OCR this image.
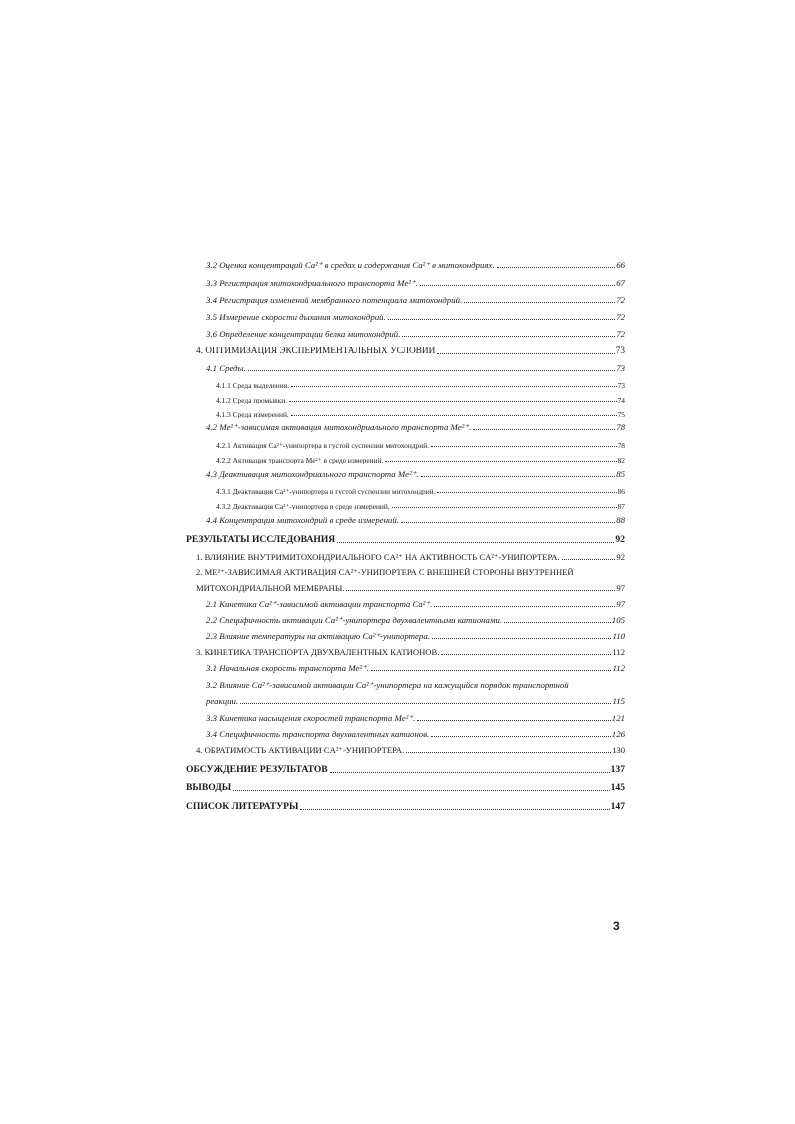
3.2 Оценка концентраций Ca²⁺ в средах и содержания Ca²⁺ в митохондриях.	66
3.3 Регистрация митохондриального транспорта Me²⁺.	67
3.4 Регистрация изменений мембранного потенциала митохондрий.	72
3.5 Измерение скорости дыхания митохондрий.	72
3.6 Определение концентрации белка митохондрий.	72
4. ОПТИМИЗАЦИЯ ЭКСПЕРИМЕНТАЛЬНЫХ УСЛОВИЙ	73
4.1 Среды.	73
4.1.1 Среда выделения.	73
4.1.2 Среда промывки.	74
4.1.3 Среда измерений.	75
4.2 Me²⁺-зависимая активация митохондриального транспорта Me²⁺.	78
4.2.1 Активация Ca²⁺-унипортера в густой суспензии митохондрий.	78
4.2.2 Активация транспорта Me²⁺ в среде измерений.	82
4.3 Деактивация митохондриального транспорта Me²⁺.	85
4.3.1 Деактивация Ca²⁺-унипортера в густой суспензии митохондрий.	86
4.3.2 Деактивация Ca²⁺-унипортера в среде измерений.	87
4.4 Концентрация митохондрий в среде измерений.	88
РЕЗУЛЬТАТЫ ИССЛЕДОВАНИЯ	92
1. ВЛИЯНИЕ ВНУТРИМИТОХОНДРИАЛЬНОГО CA²⁺ НА АКТИВНОСТЬ CA²⁺-УНИПОРТЕРА.	92
2. ME²⁺-ЗАВИСИМАЯ АКТИВАЦИЯ CA²⁺-УНИПОРТЕРА С ВНЕШНЕЙ СТОРОНЫ ВНУТРЕННЕЙ
МИТОХОНДРИАЛЬНОЙ МЕМБРАНЫ.	97
2.1 Кинетика Ca²⁺-зависимой активации транспорта Ca²⁺.	97
2.2 Специфичность активации Ca²⁺-унипортера двухвалентными катионами.	105
2.3 Влияние температуры на активацию Ca²⁺-унипортера.	110
3. КИНЕТИКА ТРАНСПОРТА ДВУХВАЛЕНТНЫХ КАТИОНОВ.	112
3.1 Начальная скорость транспорта Me²⁺.	112
3.2 Влияние Ca²⁺-зависимой активации Ca²⁺-унипортера на кажущийся порядок транспортной
реакции.	115
3.3 Кинетика насыщения скоростей транспорта Me²⁺.	121
3.4 Специфичность транспорта двухвалентных катионов.	126
4. ОБРАТИМОСТЬ АКТИВАЦИИ CA²⁺-УНИПОРТЕРА.	130
ОБСУЖДЕНИЕ РЕЗУЛЬТАТОВ	137
ВЫВОДЫ	145
СПИСОК ЛИТЕРАТУРЫ	147
3
